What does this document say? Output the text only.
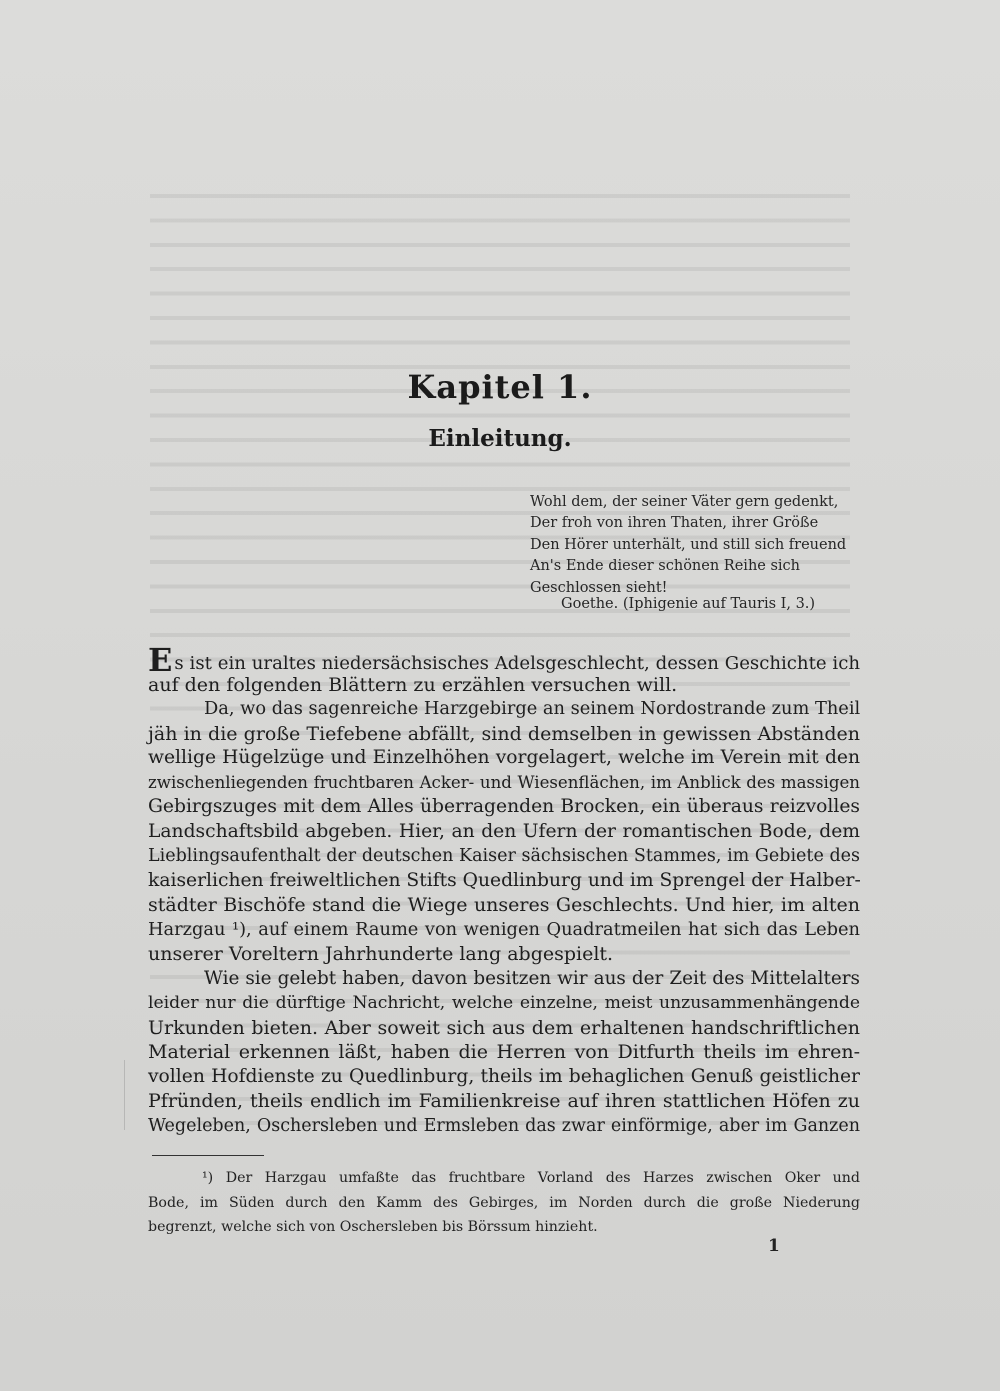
Kapitel 1.
Einleitung.
Wohl dem, der seiner Väter gern gedenkt,
Der froh von ihren Thaten, ihrer Größe
Den Hörer unterhält, und still sich freuend
An's Ende dieser schönen Reihe sich
Geschlossen sieht!
Goethe. (Iphigenie auf Tauris I, 3.)
Es ist ein uraltes niedersächsisches Adelsgeschlecht, dessen Geschichte ich
auf den folgenden Blättern zu erzählen versuchen will.
Da, wo das sagenreiche Harzgebirge an seinem Nordostrande zum Theil
jäh in die große Tiefebene abfällt, sind demselben in gewissen Abständen
wellige Hügelzüge und Einzelhöhen vorgelagert, welche im Verein mit den
zwischenliegenden fruchtbaren Acker- und Wiesenflächen, im Anblick des massigen
Gebirgszuges mit dem Alles überragenden Brocken, ein überaus reizvolles
Landschaftsbild abgeben. Hier, an den Ufern der romantischen Bode, dem
Lieblingsaufenthalt der deutschen Kaiser sächsischen Stammes, im Gebiete des
kaiserlichen freiweltlichen Stifts Quedlinburg und im Sprengel der Halber-
städter Bischöfe stand die Wiege unseres Geschlechts. Und hier, im alten
Harzgau ¹), auf einem Raume von wenigen Quadratmeilen hat sich das Leben
unserer Voreltern Jahrhunderte lang abgespielt.
Wie sie gelebt haben, davon besitzen wir aus der Zeit des Mittelalters
leider nur die dürftige Nachricht, welche einzelne, meist unzusammenhängende
Urkunden bieten. Aber soweit sich aus dem erhaltenen handschriftlichen
Material erkennen läßt, haben die Herren von Ditfurth theils im ehren-
vollen Hofdienste zu Quedlinburg, theils im behaglichen Genuß geistlicher
Pfründen, theils endlich im Familienkreise auf ihren stattlichen Höfen zu
Wegeleben, Oschersleben und Ermsleben das zwar einförmige, aber im Ganzen
¹) Der Harzgau umfaßte das fruchtbare Vorland des Harzes zwischen Oker und
Bode, im Süden durch den Kamm des Gebirges, im Norden durch die große Niederung
begrenzt, welche sich von Oschersleben bis Börssum hinzieht.
1
